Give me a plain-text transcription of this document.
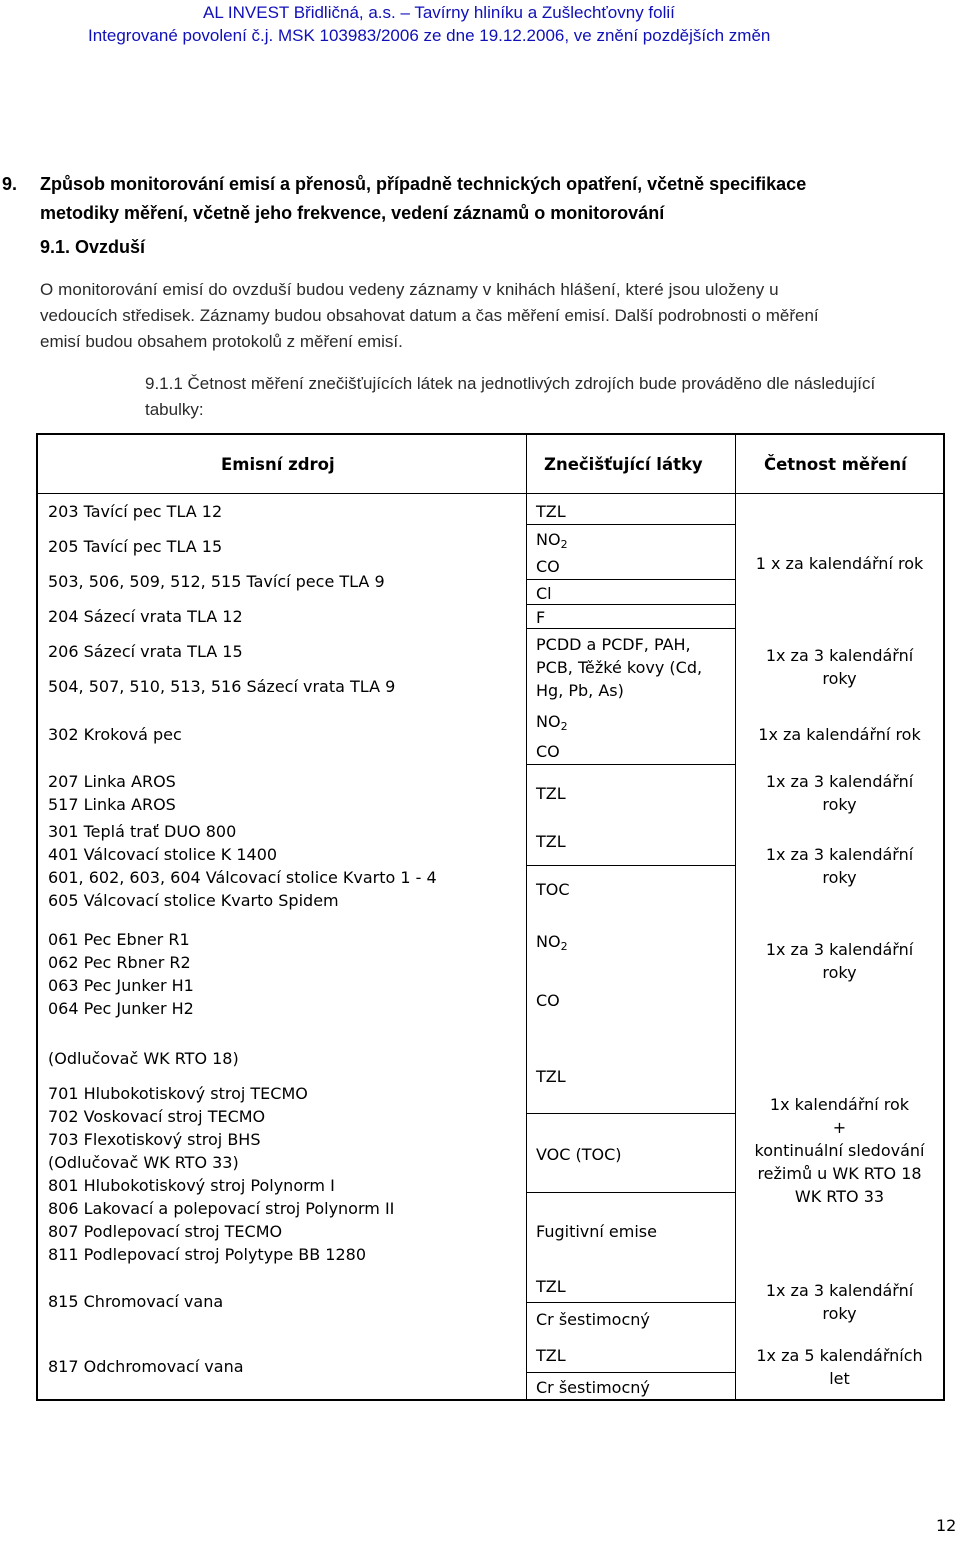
AL INVEST Břidličná, a.s. – Tavírny hliníku a Zušlechťovny folií
Integrované povolení č.j. MSK 103983/2006 ze dne 19.12.2006, ve znění pozdějších změn
9. Způsob monitorování emisí a přenosů, případně technických opatření, včetně specifikace
metodiky měření, včetně jeho frekvence, vedení záznamů o monitorování
9.1. Ovzduší
O monitorování emisí do ovzduší budou vedeny záznamy v knihách hlášení, které jsou uloženy u
vedoucích středisek. Záznamy budou obsahovat datum a čas měření emisí. Další podrobnosti o měření
emisí budou obsahem protokolů z měření emisí.
9.1.1 Četnost měření znečišťujících látek na jednotlivých zdrojích bude prováděno dle následující
tabulky:
Emisní zdroj	Znečišťující látky	Četnost měření
203 Tavící pec TLA 12
205 Tavící pec TLA 15
503, 506, 509, 512, 515 Tavící pece TLA 9
204 Sázecí vrata TLA 12
206 Sázecí vrata TLA 15
504, 507, 510, 513, 516 Sázecí vrata TLA 9
TZL
$NO_2$
CO
Cl
F
PCDD a PCDF, PAH,
PCB, Těžké kovy (Cd,
Hg, Pb, As)
1 x za kalendářní rok
1x za 3 kalendářní
roky
302 Kroková pec
$NO_2$
CO
1x za kalendářní rok
207 Linka AROS
517 Linka AROS
TZL
1x za 3 kalendářní
roky
301 Teplá trať DUO 800
401 Válcovací stolice K 1400
601, 602, 603, 604 Válcovací stolice Kvarto 1 - 4
605 Válcovací stolice Kvarto Spidem
TZL
TOC
1x za 3 kalendářní
roky
061 Pec Ebner R1
062 Pec Rbner R2
063 Pec Junker H1
064 Pec Junker H2
$NO_2$
CO
1x za 3 kalendářní
roky
(Odlučovač WK RTO 18)
701 Hlubokotiskový stroj TECMO
702 Voskovací stroj TECMO
703 Flexotiskový stroj BHS
(Odlučovač WK RTO 33)
801 Hlubokotiskový stroj Polynorm I
806 Lakovací a polepovací stroj Polynorm II
807 Podlepovací stroj TECMO
811 Podlepovací stroj Polytype BB 1280
TZL
VOC (TOC)
Fugitivní emise
1x kalendářní rok
+
kontinuální sledování
režimů u WK RTO 18
WK RTO 33
815 Chromovací vana
TZL
Cr šestimocný
1x za 3 kalendářní
roky
817 Odchromovací vana
TZL
Cr šestimocný
1x za 5 kalendářních
let
12
